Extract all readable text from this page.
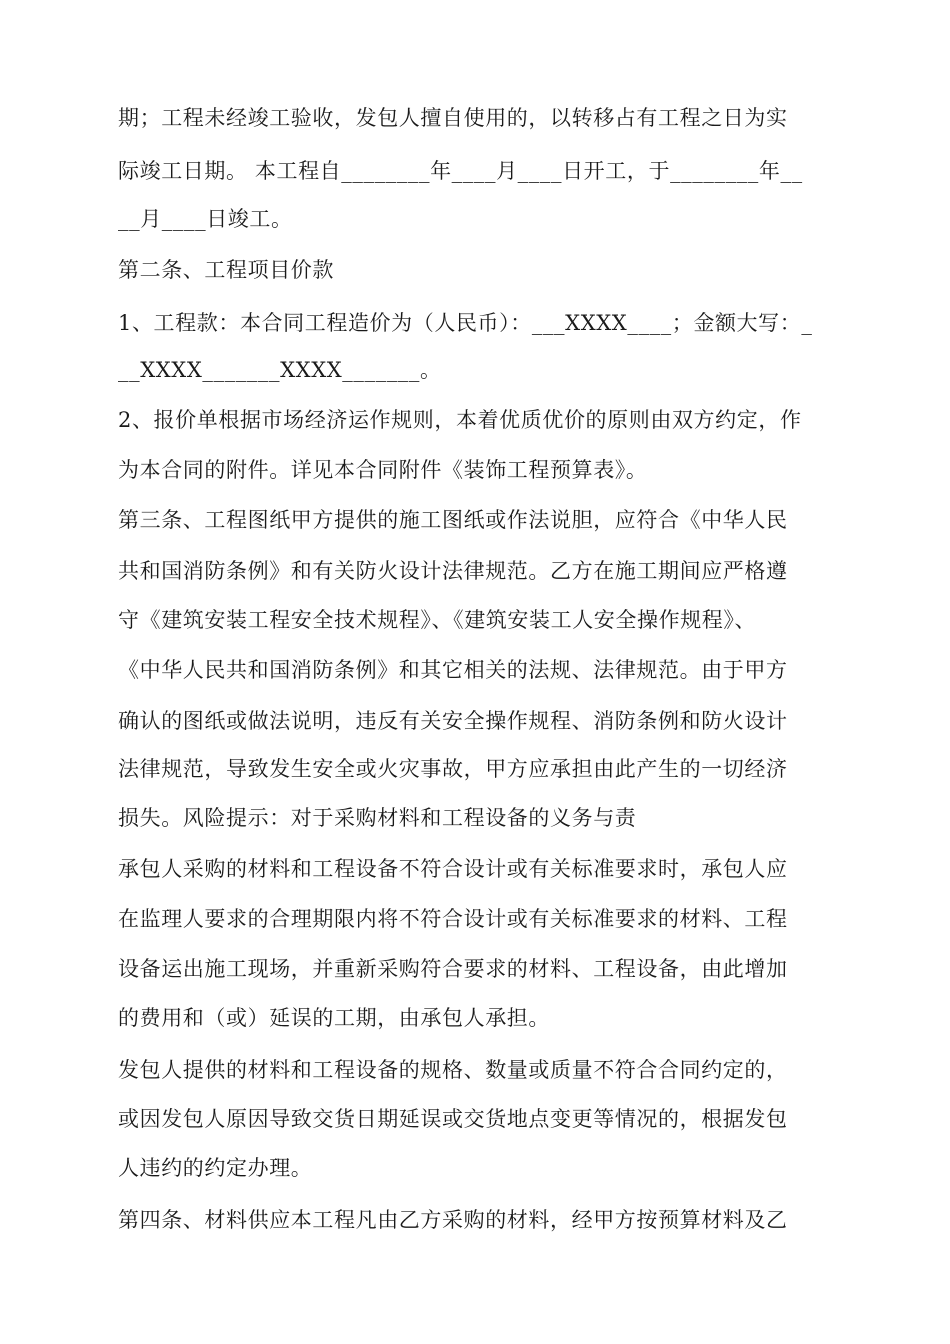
期；工程未经竣工验收，发包人擅自使用的，以转移占有工程之日为实
际竣工日期。 本工程自________年____月____日开工，于________年__
__月____日竣工。
第二条、工程项目价款
1、工程款：本合同工程造价为（人民币）：___XXXX____；金额大写：_
__XXXX_______XXXX_______。
2、报价单根据市场经济运作规则，本着优质优价的原则由双方约定，作
为本合同的附件。详见本合同附件《装饰工程预算表》。
第三条、工程图纸甲方提供的施工图纸或作法说胆，应符合《中华人民
共和国消防条例》和有关防火设计法律规范。乙方在施工期间应严格遵
守《建筑安装工程安全技术规程》、《建筑安装工人安全操作规程》、
《中华人民共和国消防条例》和其它相关的法规、法律规范。由于甲方
确认的图纸或做法说明，违反有关安全操作规程、消防条例和防火设计
法律规范，导致发生安全或火灾事故，甲方应承担由此产生的一切经济
损失。风险提示：对于采购材料和工程设备的义务与责
承包人采购的材料和工程设备不符合设计或有关标准要求时，承包人应
在监理人要求的合理期限内将不符合设计或有关标准要求的材料、工程
设备运出施工现场，并重新采购符合要求的材料、工程设备，由此增加
的费用和（或）延误的工期，由承包人承担。
发包人提供的材料和工程设备的规格、数量或质量不符合合同约定的，
或因发包人原因导致交货日期延误或交货地点变更等情况的，根据发包
人违约的约定办理。
第四条、材料供应本工程凡由乙方采购的材料，经甲方按预算材料及乙
